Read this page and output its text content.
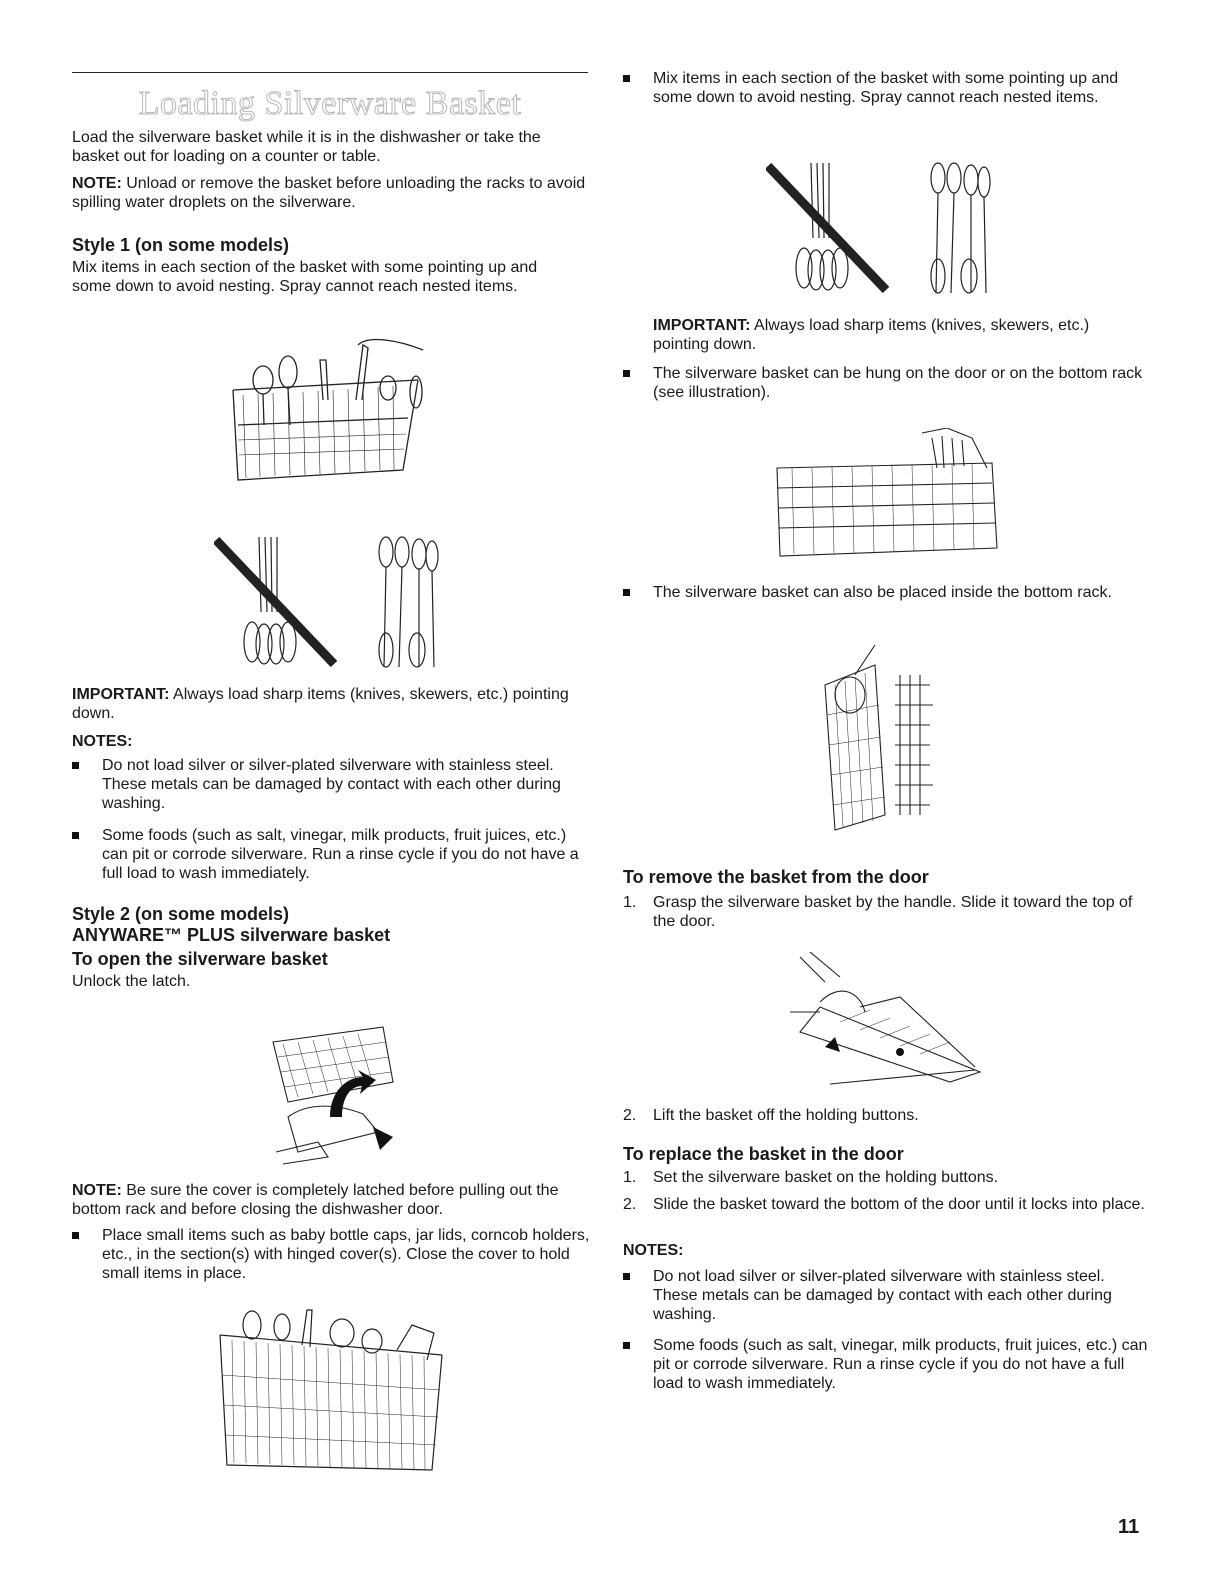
Loading Silverware Basket

Load the silverware basket while it is in the dishwasher or take the basket out for loading on a counter or table.

NOTE: Unload or remove the basket before unloading the racks to avoid spilling water droplets on the silverware.

Style 1 (on some models)

Mix items in each section of the basket with some pointing up and some down to avoid nesting. Spray cannot reach nested items.

IMPORTANT: Always load sharp items (knives, skewers, etc.) pointing down.

NOTES:

Do not load silver or silver-plated silverware with stainless steel. These metals can be damaged by contact with each other during washing.

Some foods (such as salt, vinegar, milk products, fruit juices, etc.) can pit or corrode silverware. Run a rinse cycle if you do not have a full load to wash immediately.

Style 2 (on some models)

ANYWARE™ PLUS silverware basket

To open the silverware basket

Unlock the latch.

NOTE: Be sure the cover is completely latched before pulling out the bottom rack and before closing the dishwasher door.

Place small items such as baby bottle caps, jar lids, corncob holders, etc., in the section(s) with hinged cover(s). Close the cover to hold small items in place.

Mix items in each section of the basket with some pointing up and some down to avoid nesting. Spray cannot reach nested items.

IMPORTANT: Always load sharp items (knives, skewers, etc.) pointing down.

The silverware basket can be hung on the door or on the bottom rack (see illustration).

The silverware basket can also be placed inside the bottom rack.

To remove the basket from the door

1. Grasp the silverware basket by the handle. Slide it toward the top of the door.

2. Lift the basket off the holding buttons.

To replace the basket in the door

1. Set the silverware basket on the holding buttons.

2. Slide the basket toward the bottom of the door until it locks into place.

NOTES:

Do not load silver or silver-plated silverware with stainless steel. These metals can be damaged by contact with each other during washing.

Some foods (such as salt, vinegar, milk products, fruit juices, etc.) can pit or corrode silverware. Run a rinse cycle if you do not have a full load to wash immediately.

11
